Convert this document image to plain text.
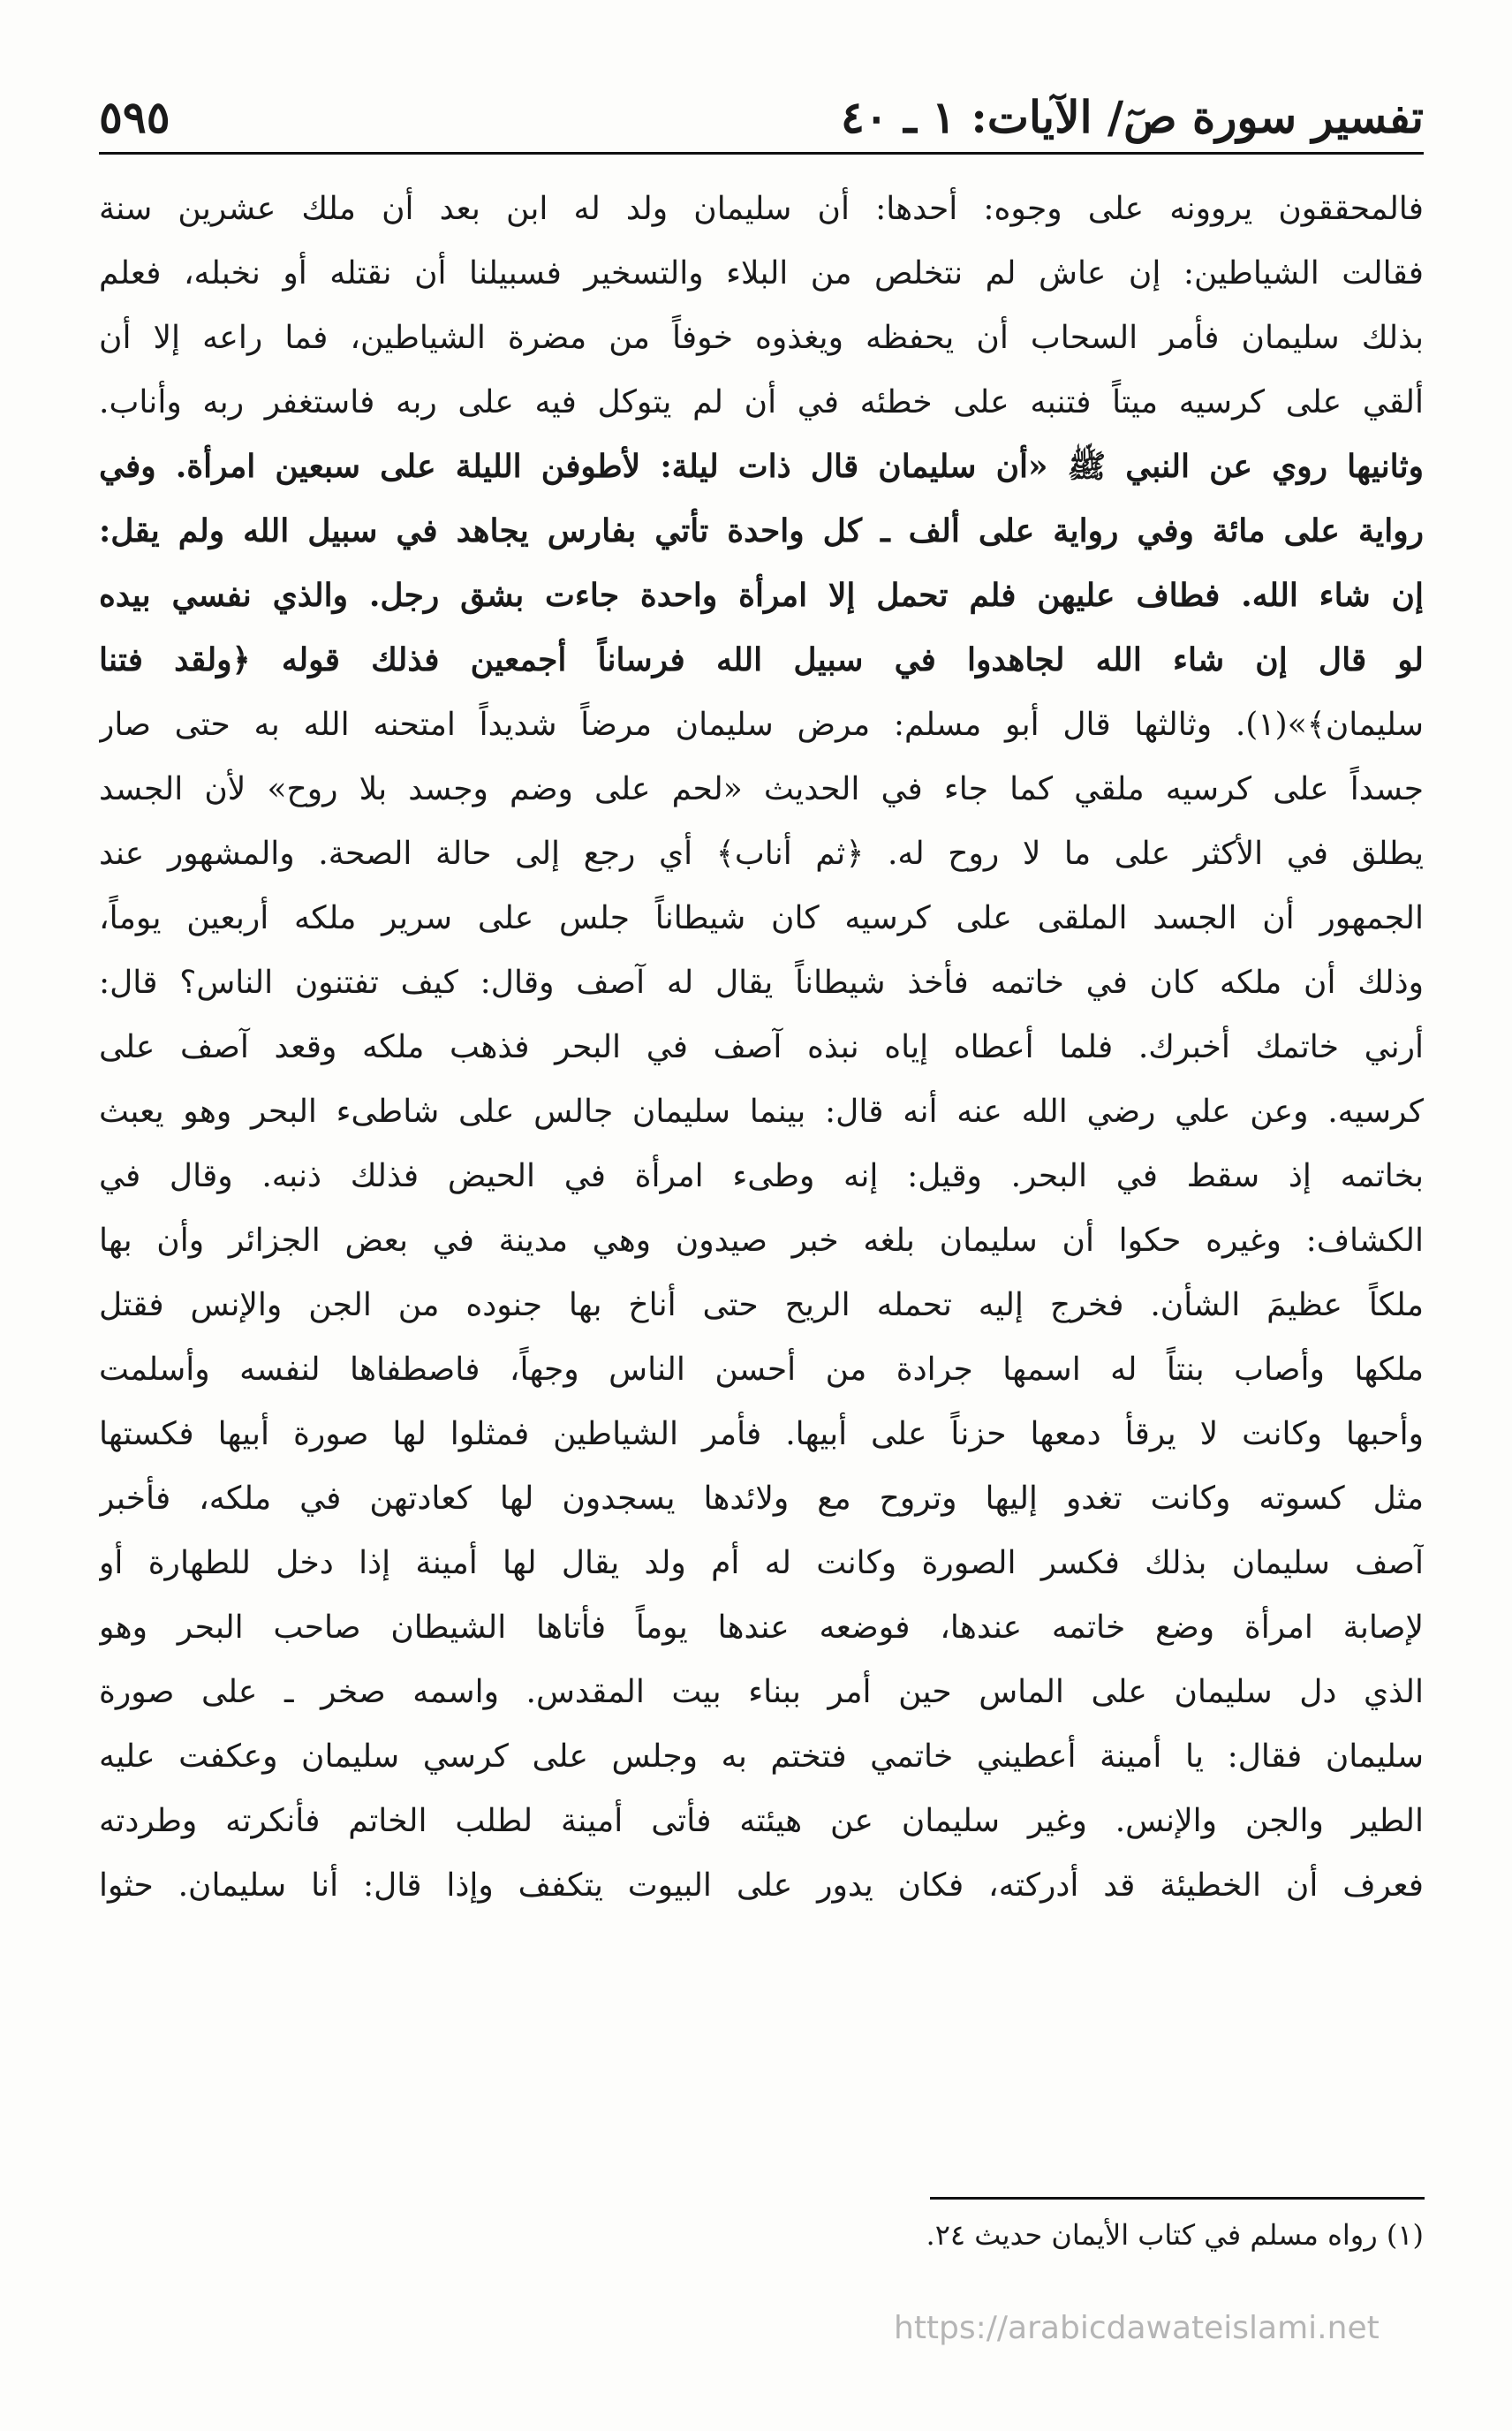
تفسير سورة صٓ/ الآيات: ١ ـ ٤٠
٥٩٥
فالمحققون يروونه على وجوه: أحدها: أن سليمان ولد له ابن بعد أن ملك عشرين سنة
فقالت الشياطين: إن عاش لم نتخلص من البلاء والتسخير فسبيلنا أن نقتله أو نخبله، فعلم
بذلك سليمان فأمر السحاب أن يحفظه ويغذوه خوفاً من مضرة الشياطين، فما راعه إلا أن
ألقي على كرسيه ميتاً فتنبه على خطئه في أن لم يتوكل فيه على ربه فاستغفر ربه وأناب.
وثانيها روي عن النبي ﷺ «أن سليمان قال ذات ليلة: لأطوفن الليلة على سبعين امرأة. وفي
رواية على مائة وفي رواية على ألف ـ كل واحدة تأتي بفارس يجاهد في سبيل الله ولم يقل:
إن شاء الله. فطاف عليهن فلم تحمل إلا امرأة واحدة جاءت بشق رجل. والذي نفسي بيده
لو قال إن شاء الله لجاهدوا في سبيل الله فرساناً أجمعين فذلك قوله ﴿ولقد فتنا
سليمان﴾»(١). وثالثها قال أبو مسلم: مرض سليمان مرضاً شديداً امتحنه الله به حتى صار
جسداً على كرسيه ملقي كما جاء في الحديث «لحم على وضم وجسد بلا روح» لأن الجسد
يطلق في الأكثر على ما لا روح له. ﴿ثم أناب﴾ أي رجع إلى حالة الصحة. والمشهور عند
الجمهور أن الجسد الملقى على كرسيه كان شيطاناً جلس على سرير ملكه أربعين يوماً،
وذلك أن ملكه كان في خاتمه فأخذ شيطاناً يقال له آصف وقال: كيف تفتنون الناس؟ قال:
أرني خاتمك أخبرك. فلما أعطاه إياه نبذه آصف في البحر فذهب ملكه وقعد آصف على
كرسيه. وعن علي رضي الله عنه أنه قال: بينما سليمان جالس على شاطىء البحر وهو يعبث
بخاتمه إذ سقط في البحر. وقيل: إنه وطىء امرأة في الحيض فذلك ذنبه. وقال في
الكشاف: وغيره حكوا أن سليمان بلغه خبر صيدون وهي مدينة في بعض الجزائر وأن بها
ملكاً عظيمَ الشأن. فخرج إليه تحمله الريح حتى أناخ بها جنوده من الجن والإنس فقتل
ملكها وأصاب بنتاً له اسمها جرادة من أحسن الناس وجهاً، فاصطفاها لنفسه وأسلمت
وأحبها وكانت لا يرقأ دمعها حزناً على أبيها. فأمر الشياطين فمثلوا لها صورة أبيها فكستها
مثل كسوته وكانت تغدو إليها وتروح مع ولائدها يسجدون لها كعادتهن في ملكه، فأخبر
آصف سليمان بذلك فكسر الصورة وكانت له أم ولد يقال لها أمينة إذا دخل للطهارة أو
لإصابة امرأة وضع خاتمه عندها، فوضعه عندها يوماً فأتاها الشيطان صاحب البحر وهو
الذي دل سليمان على الماس حين أمر ببناء بيت المقدس. واسمه صخر ـ على صورة
سليمان فقال: يا أمينة أعطيني خاتمي فتختم به وجلس على كرسي سليمان وعكفت عليه
الطير والجن والإنس. وغير سليمان عن هيئته فأتى أمينة لطلب الخاتم فأنكرته وطردته
فعرف أن الخطيئة قد أدركته، فكان يدور على البيوت يتكفف وإذا قال: أنا سليمان. حثوا
(١) رواه مسلم في كتاب الأيمان حديث ٢٤.
https://arabicdawateislami.net
